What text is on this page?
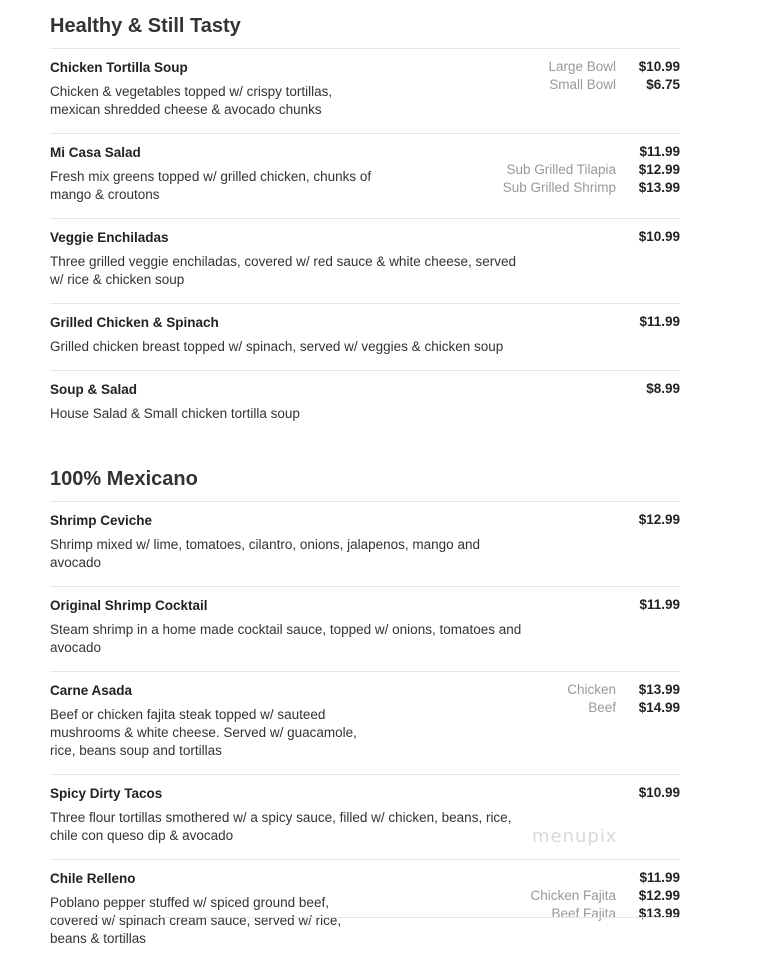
Healthy & Still Tasty
Chicken Tortilla Soup
Chicken & vegetables topped w/ crispy tortillas,
mexican shredded cheese & avocado chunks
Large Bowl	$10.99
Small Bowl	$6.75
Mi Casa Salad
Fresh mix greens topped w/ grilled chicken, chunks of
mango & croutons
$11.99
Sub Grilled Tilapia	$12.99
Sub Grilled Shrimp	$13.99
Veggie Enchiladas
Three grilled veggie enchiladas, covered w/ red sauce & white cheese, served
w/ rice & chicken soup
$10.99
Grilled Chicken & Spinach
Grilled chicken breast topped w/ spinach, served w/ veggies & chicken soup
$11.99
Soup & Salad
House Salad & Small chicken tortilla soup
$8.99
100% Mexicano
Shrimp Ceviche
Shrimp mixed w/ lime, tomatoes, cilantro, onions, jalapenos, mango and
avocado
$12.99
Original Shrimp Cocktail
Steam shrimp in a home made cocktail sauce, topped w/ onions, tomatoes and
avocado
$11.99
Carne Asada
Beef or chicken fajita steak topped w/ sauteed
mushrooms & white cheese. Served w/ guacamole,
rice, beans soup and tortillas
Chicken	$13.99
Beef	$14.99
Spicy Dirty Tacos
Three flour tortillas smothered w/ a spicy sauce, filled w/ chicken, beans, rice,
chile con queso dip & avocado
$10.99
Chile Relleno
Poblano pepper stuffed w/ spiced ground beef,
covered w/ spinach cream sauce, served w/ rice,
beans & tortillas
$11.99
Chicken Fajita	$12.99
Beef Fajita	$13.99
menupix
